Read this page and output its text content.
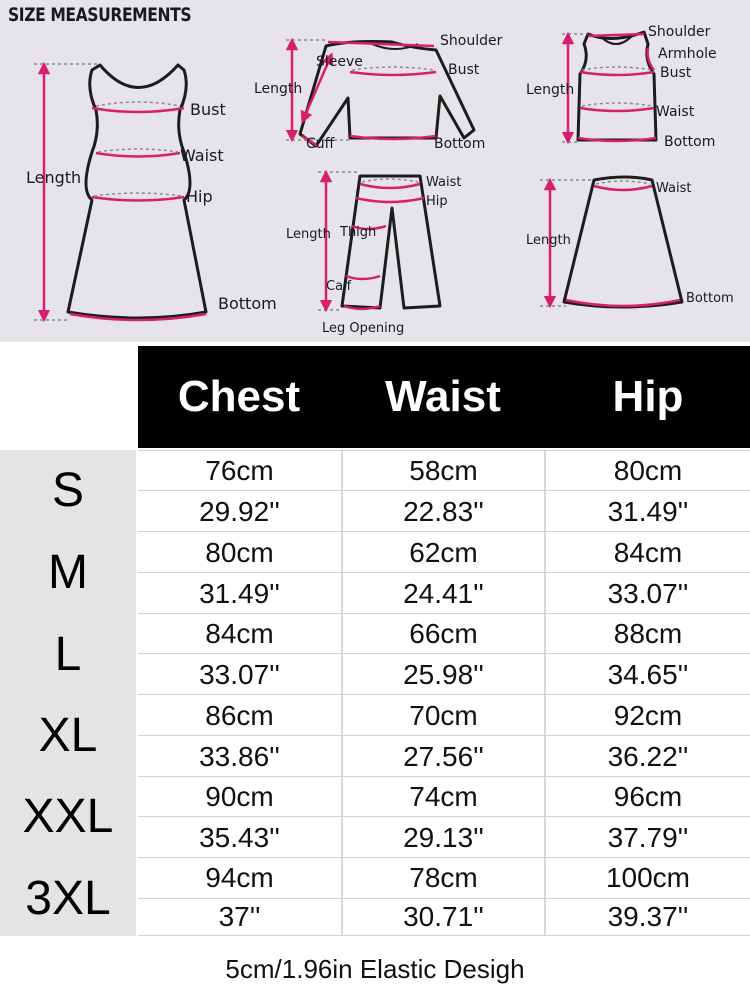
Bust
Waist
Hip
Length
Bottom
Shoulder
Sleeve	Bust
Length
Cuff	Bottom
Shoulder
Armhole
Bust
Length
Waist
Bottom
Waist
Hip
Length Thigh
Calf
Leg Opening
Waist
Length
Bottom
SIZE MEASUREMENTS
Chest	Waist	Hip
S	76cm	58cm	80cm
29.92''	22.83''	31.49''
M	80cm	62cm	84cm
31.49''	24.41''	33.07''
L	84cm	66cm	88cm
33.07''	25.98''	34.65''
XL	86cm	70cm	92cm
33.86''	27.56''	36.22''
XXL	90cm	74cm	96cm
35.43''	29.13''	37.79''
3XL	94cm	78cm	100cm
37''	30.71''	39.37''
5cm/1.96in Elastic Desigh
